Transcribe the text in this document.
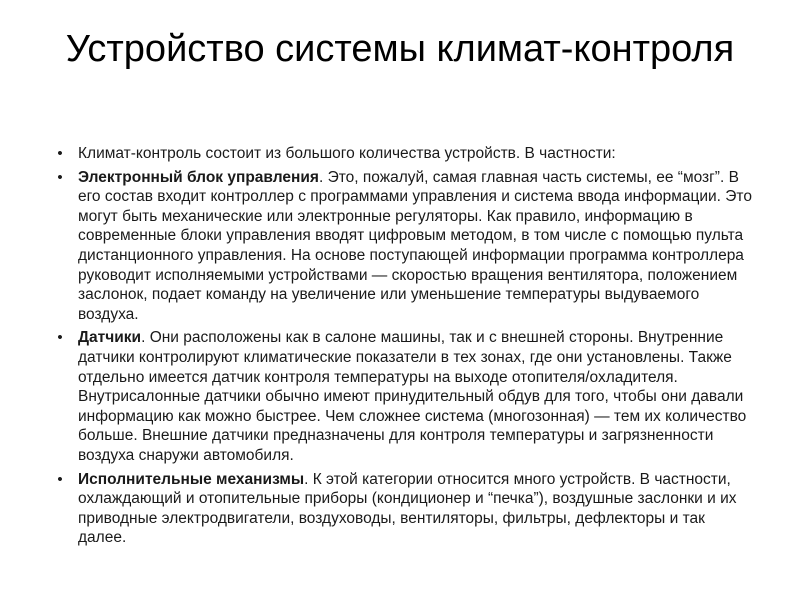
Устройство системы климат-контроля
• Климат-контроль состоит из большого количества устройств. В частности:
• Электронный блок управления. Это, пожалуй, самая главная часть системы, ее “мозг”. В его состав входит контроллер с программами управления и система ввода информации. Это могут быть механические или электронные регуляторы. Как правило, информацию в современные блоки управления вводят цифровым методом, в том числе с помощью пульта дистанционного управления. На основе поступающей информации программа контроллера руководит исполняемыми устройствами — скоростью вращения вентилятора, положением заслонок, подает команду на увеличение или уменьшение температуры выдуваемого воздуха.
• Датчики. Они расположены как в салоне машины, так и с внешней стороны. Внутренние датчики контролируют климатические показатели в тех зонах, где они установлены. Также отдельно имеется датчик контроля температуры на выходе отопителя/охладителя. Внутрисалонные датчики обычно имеют принудительный обдув для того, чтобы они давали информацию как можно быстрее. Чем сложнее система (многозонная) — тем их количество больше. Внешние датчики предназначены для контроля температуры и загрязненности воздуха снаружи автомобиля.
• Исполнительные механизмы. К этой категории относится много устройств. В частности, охлаждающий и отопительные приборы (кондиционер и “печка”), воздушные заслонки и их приводные электродвигатели, воздуховоды, вентиляторы, фильтры, дефлекторы и так далее.
